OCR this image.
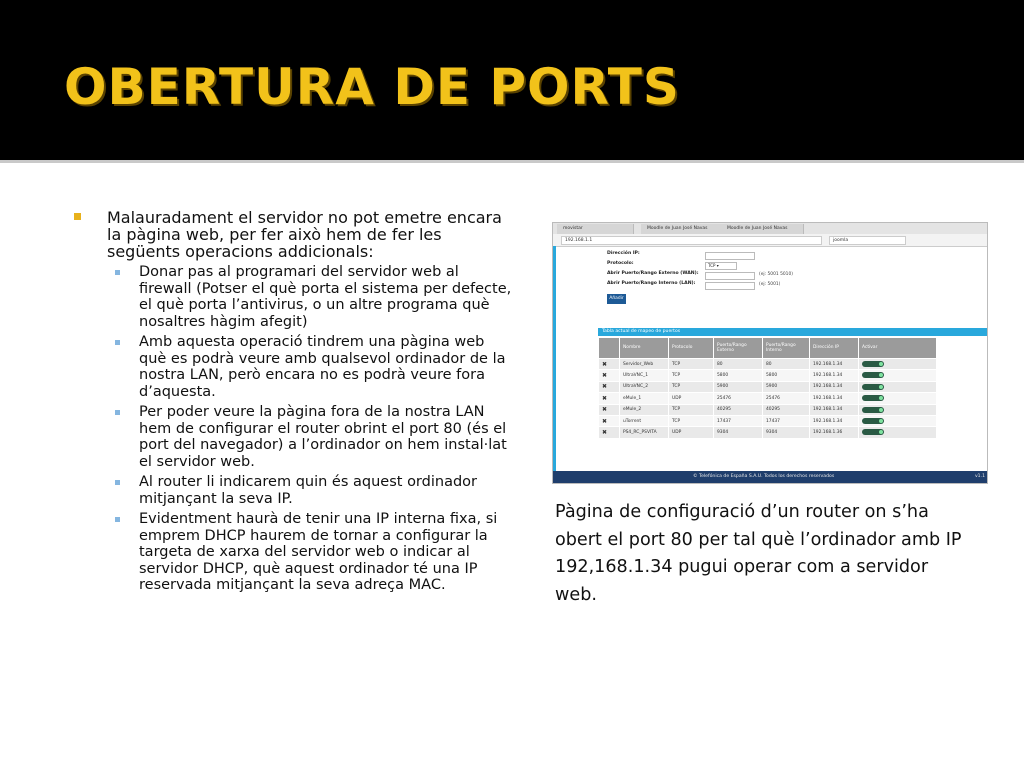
OBERTURA DE PORTS
Malauradament el servidor no pot emetre encara la pàgina web, per fer això hem de fer les següents operacions addicionals:
Donar pas al programari del servidor web al firewall (Potser el què porta el sistema per defecte, el què porta l’antivirus, o un altre programa què nosaltres hàgim afegit)
Amb aquesta operació tindrem una pàgina web què es podrà veure amb qualsevol ordinador de la nostra LAN, però encara no es podrà veure fora d’aquesta.
Per poder veure la pàgina fora de la nostra LAN hem de configurar el router obrint el port 80 (és el port del navegador) a l’ordinador on hem instal·lat el servidor web.
Al router li indicarem quin és aquest ordinador mitjançant la seva IP.
Evidentment haurà de tenir una IP interna fixa, si emprem DHCP haurem de tornar a configurar la targeta de xarxa del servidor web o indicar al servidor DHCP, què aquest ordinador té una IP reservada mitjançant la seva adreça MAC.
movistar	Moodle de Juan José Navas	Moodle de Juan José Navas
192.168.1.1	joomla
Dirección IP:
Protocolo:	TCP ▾
Abrir Puerto/Rango Externo (WAN):	(ej: 5001 5010)
Abrir Puerto/Rango Interno (LAN):	(ej: 5001)
Añadir
Tabla actual de mapeo de puertos
	Nombre	Protocolo	Puerto/Rango Externo	Puerto/Rango Interno	Dirección IP	Activar
✖	Servidor_Web	TCP	80	80	192.168.1.34	

✖	UltraVNC_1	TCP	5800	5800	192.168.1.34	

✖	UltraVNC_2	TCP	5900	5900	192.168.1.34	

✖	eMule_1	UDP	25476	25476	192.168.1.34	

✖	eMule_2	TCP	40295	40295	192.168.1.34	

✖	uTorrent	TCP	17437	17437	192.168.1.34	

✖	PS4_RC_PSVITA	UDP	9304	9304	192.168.1.36	
© Telefónica de España S.A.U. Todos los derechos reservados	v1.1
Pàgina de configuració d’un router on s’ha obert el port 80 per tal què l’ordinador amb IP 192,168.1.34 pugui operar com a servidor web.
